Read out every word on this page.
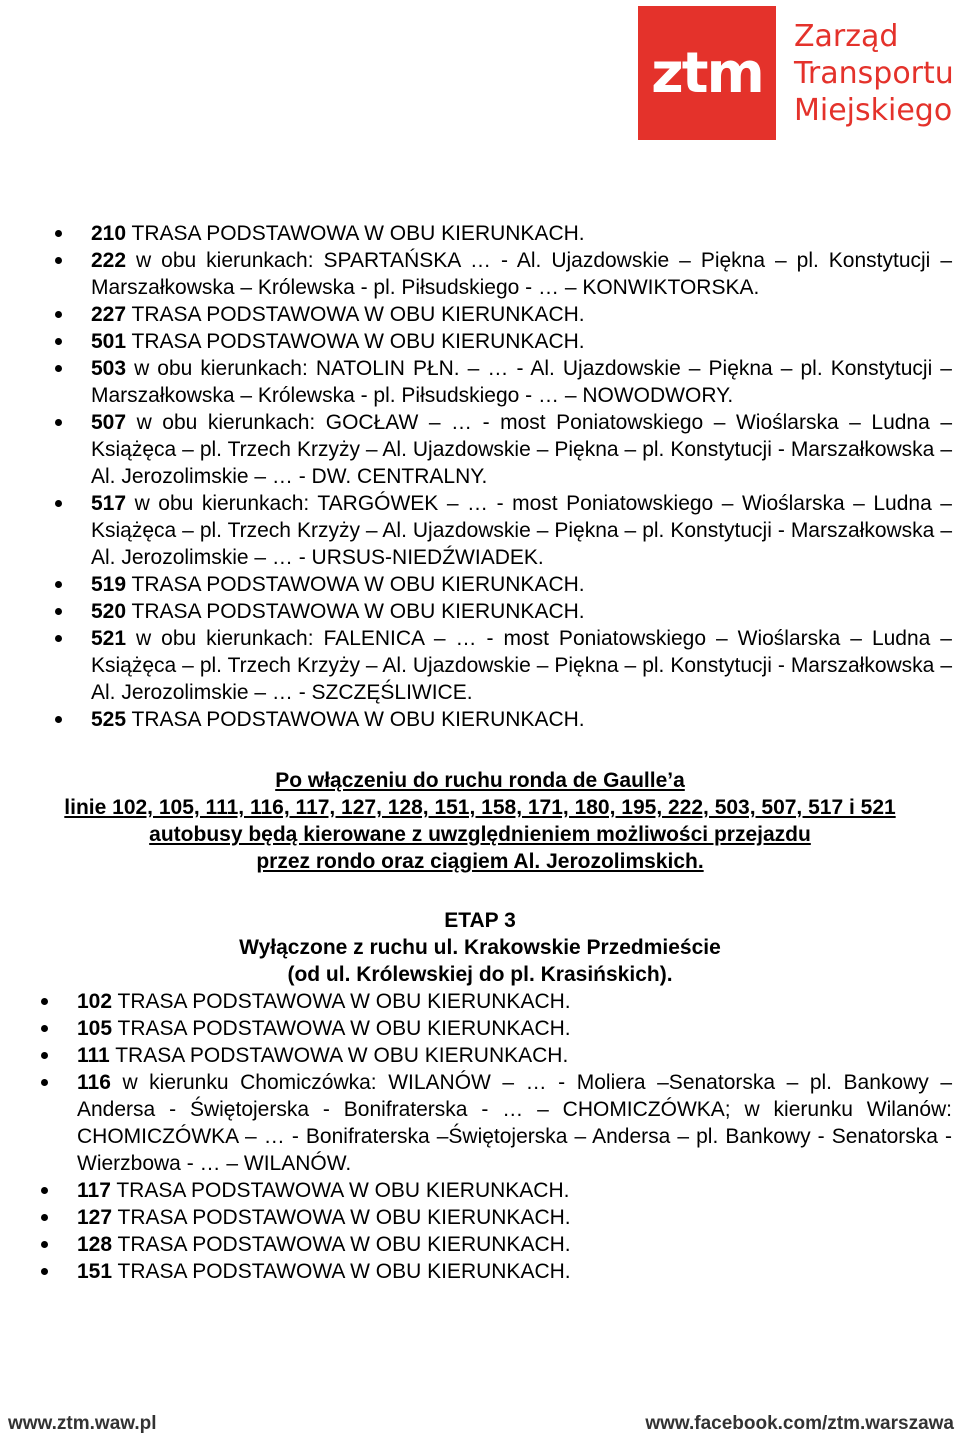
ztm
Zarząd
Transportu
Miejskiego
210 TRASA PODSTAWOWA W OBU KIERUNKACH.
222 w obu kierunkach: SPARTAŃSKA … - Al. Ujazdowskie – Piękna – pl. Konstytucji – Marszałkowska – Królewska - pl. Piłsudskiego - … – KONWIKTORSKA.
227 TRASA PODSTAWOWA W OBU KIERUNKACH.
501 TRASA PODSTAWOWA W OBU KIERUNKACH.
503 w obu kierunkach: NATOLIN PŁN. – … - Al. Ujazdowskie – Piękna – pl. Konstytucji – Marszałkowska – Królewska - pl. Piłsudskiego - … – NOWODWORY.
507 w obu kierunkach: GOCŁAW – … - most Poniatowskiego – Wioślarska – Ludna – Książęca – pl. Trzech Krzyży – Al. Ujazdowskie – Piękna – pl. Konstytucji - Marszałkowska – Al. Jerozolimskie – … - DW. CENTRALNY.
517 w obu kierunkach: TARGÓWEK – … - most Poniatowskiego – Wioślarska – Ludna – Książęca – pl. Trzech Krzyży – Al. Ujazdowskie – Piękna – pl. Konstytucji - Marszałkowska – Al. Jerozolimskie – … - URSUS-NIEDŹWIADEK.
519 TRASA PODSTAWOWA W OBU KIERUNKACH.
520 TRASA PODSTAWOWA W OBU KIERUNKACH.
521 w obu kierunkach: FALENICA – … - most Poniatowskiego – Wioślarska – Ludna – Książęca – pl. Trzech Krzyży – Al. Ujazdowskie – Piękna – pl. Konstytucji - Marszałkowska – Al. Jerozolimskie – … - SZCZĘŚLIWICE.
525 TRASA PODSTAWOWA W OBU KIERUNKACH.
Po włączeniu do ruchu ronda de Gaulle’a
linie 102, 105, 111, 116, 117, 127, 128, 151, 158, 171, 180, 195, 222, 503, 507, 517 i 521
autobusy będą kierowane z uwzględnieniem możliwości przejazdu
przez rondo oraz ciągiem Al. Jerozolimskich.
ETAP 3
Wyłączone z ruchu ul. Krakowskie Przedmieście
(od ul. Królewskiej do pl. Krasińskich).
102 TRASA PODSTAWOWA W OBU KIERUNKACH.
105 TRASA PODSTAWOWA W OBU KIERUNKACH.
111 TRASA PODSTAWOWA W OBU KIERUNKACH.
116 w kierunku Chomiczówka: WILANÓW – … - Moliera –Senatorska – pl. Bankowy – Andersa - Świętojerska - Bonifraterska - … – CHOMICZÓWKA; w kierunku Wilanów: CHOMICZÓWKA – … - Bonifraterska –Świętojerska – Andersa – pl. Bankowy - Senatorska - Wierzbowa - … – WILANÓW.
117 TRASA PODSTAWOWA W OBU KIERUNKACH.
127 TRASA PODSTAWOWA W OBU KIERUNKACH.
128 TRASA PODSTAWOWA W OBU KIERUNKACH.
151 TRASA PODSTAWOWA W OBU KIERUNKACH.
www.ztm.waw.pl	www.facebook.com/ztm.warszawa
